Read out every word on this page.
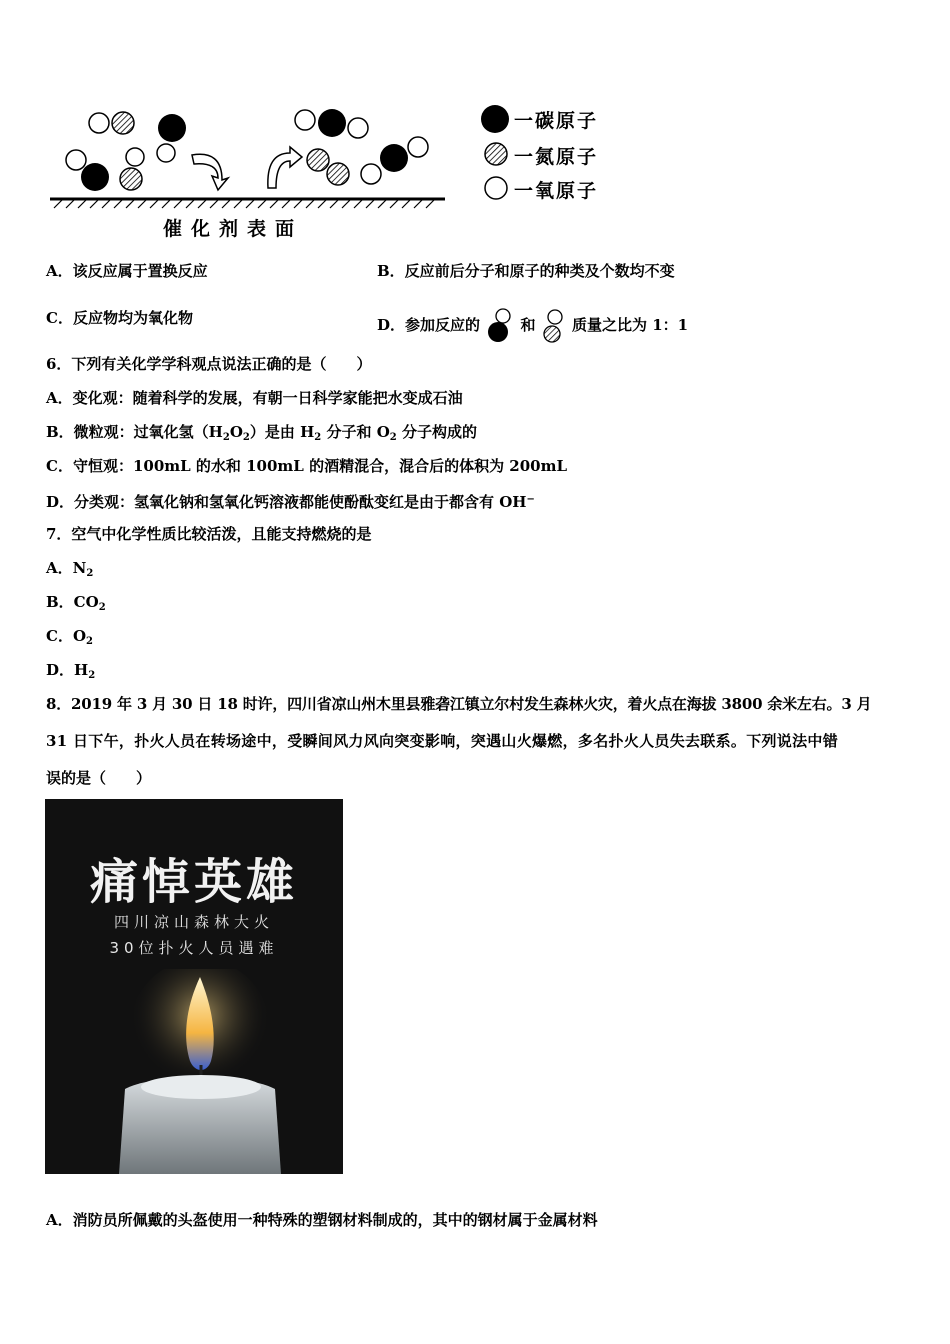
催化剂表面
一碳原子
一氮原子
一氧原子
A．该反应属于置换反应	B．反应前后分子和原子的种类及个数均不变
C．反应物均为氧化物	D．参加反应的	和 质量之比为 1：1
6．下列有关化学学科观点说法正确的是（　　）
A．变化观：随着科学的发展，有朝一日科学家能把水变成石油
B．微粒观：过氧化氢$(H_2O_2)$是由 $H_2$ 分子和 $O_2$ 分子构成的
C．守恒观：100mL 的水和 100mL 的酒精混合，混合后的体积为 200mL
D．分类观：氢氧化钠和氢氧化钙溶液都能使酚酞变红是由于都含有 OH−
7．空气中化学性质比较活泼，且能支持燃烧的是
A．$N_2$
B．$CO_2$
C．$O_2$
D．$H_2$
8．2019 年 3 月 30 日 18 时许，四川省凉山州木里县雅砻江镇立尔村发生森林火灾，着火点在海拔 3800 余米左右。3 月
31 日下午，扑火人员在转场途中，受瞬间风力风向突变影响，突遇山火爆燃，多名扑火人员失去联系。下列说法中错
误的是（　　）
痛悼英雄
四川凉山森林大火
30位扑火人员遇难
A．消防员所佩戴的头盔使用一种特殊的塑钢材料制成的，其中的钢材属于金属材料
